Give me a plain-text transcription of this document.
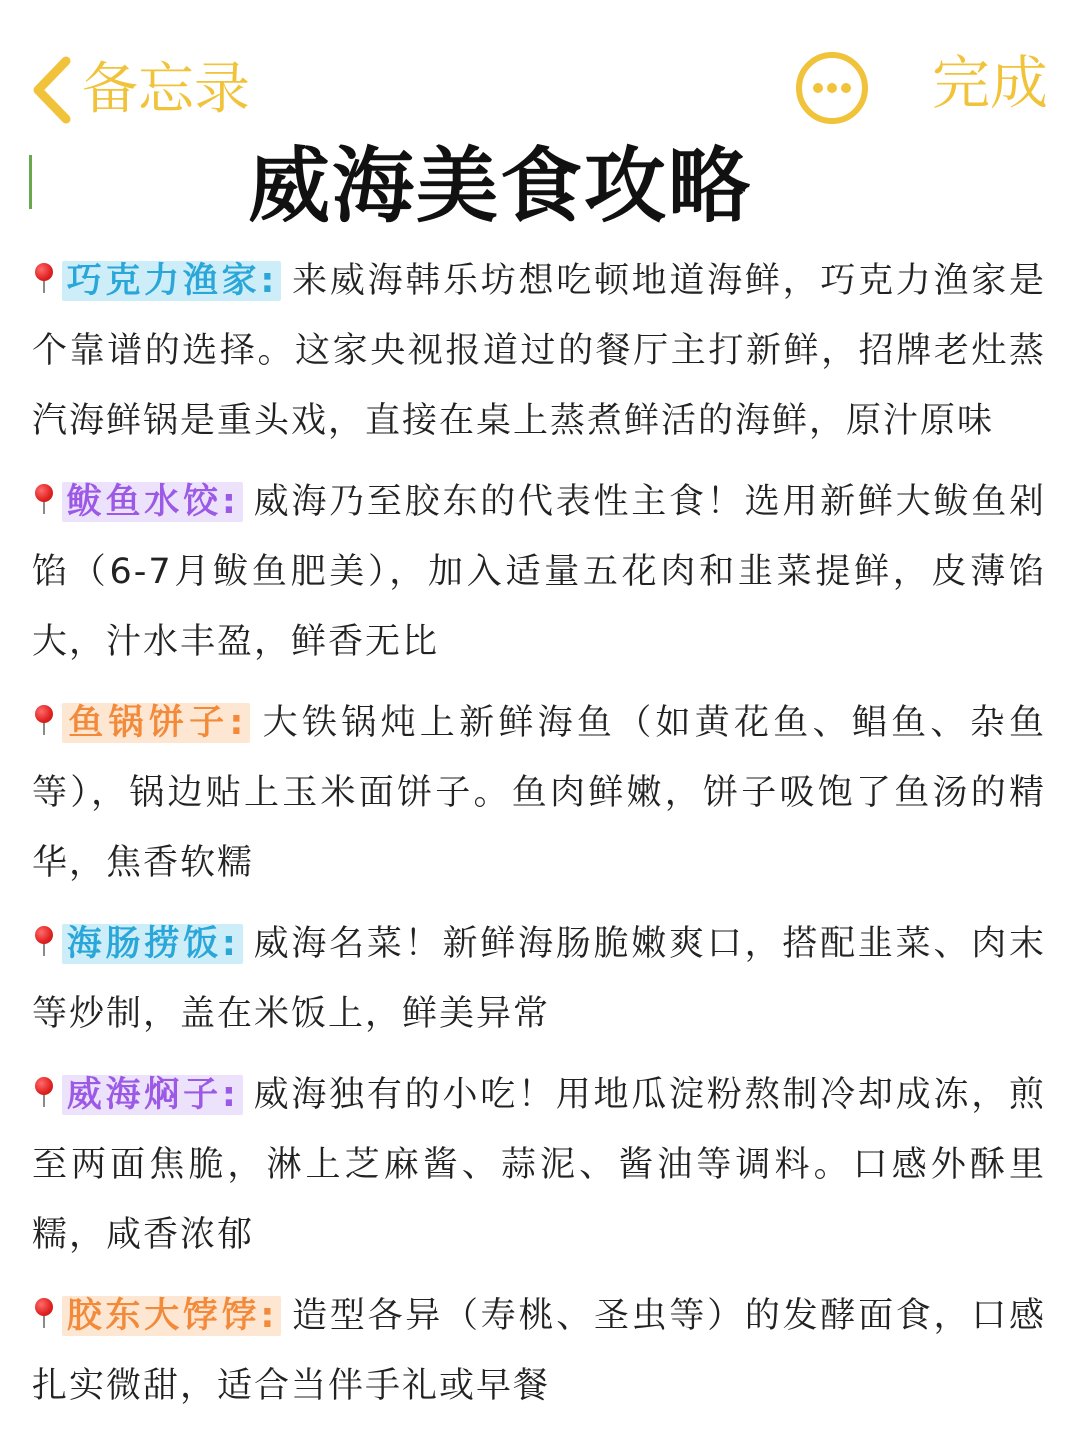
备忘录	完成
威海美食攻略
巧克力渔家: 来威海韩乐坊想吃顿地道海鲜，巧克力渔家是个靠谱的选择。这家央视报道过的餐厅主打新鲜，招牌老灶蒸汽海鲜锅是重头戏，直接在桌上蒸煮鲜活的海鲜，原汁原味
鲅鱼水饺: 威海乃至胶东的代表性主食！选用新鲜大鲅鱼剁馅（6-7月鲅鱼肥美），加入适量五花肉和韭菜提鲜，皮薄馅大，汁水丰盈，鲜香无比
鱼锅饼子: 大铁锅炖上新鲜海鱼（如黄花鱼、鲳鱼、杂鱼等），锅边贴上玉米面饼子。鱼肉鲜嫩，饼子吸饱了鱼汤的精华，焦香软糯
海肠捞饭: 威海名菜！新鲜海肠脆嫩爽口，搭配韭菜、肉末等炒制，盖在米饭上，鲜美异常
威海焖子: 威海独有的小吃！用地瓜淀粉熬制冷却成冻，煎至两面焦脆，淋上芝麻酱、蒜泥、酱油等调料。口感外酥里糯，咸香浓郁
胶东大饽饽: 造型各异（寿桃、圣虫等）的发酵面食，口感扎实微甜，适合当伴手礼或早餐
